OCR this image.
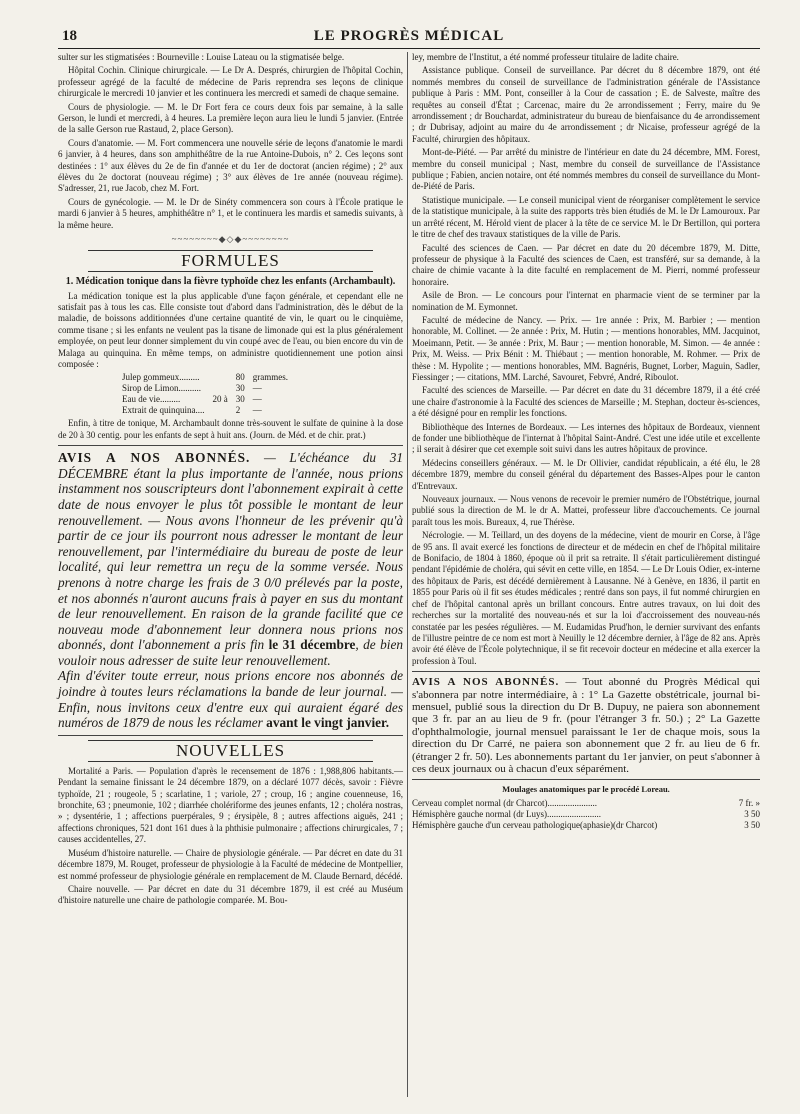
18	LE PROGRÈS MÉDICAL

sulter sur les stigmatisées : Bourneville : Louise Lateau ou la stigmatisée belge.

Hôpital Cochin. Clinique chirurgicale. — Le Dr A. Després, chirurgien de l'hôpital Cochin, professeur agrégé de la faculté de médecine de Paris reprendra ses leçons de clinique chirurgicale le mercredi 10 janvier et les continuera les mercredi et samedi de chaque semaine.

Cours de physiologie. — M. le Dr Fort fera ce cours deux fois par semaine, à la salle Gerson, le lundi et mercredi, à 4 heures. La première leçon aura lieu le lundi 5 janvier. (Entrée de la salle Gerson rue Rastaud, 2, place Gerson).

Cours d'anatomie. — M. Fort commencera une nouvelle série de leçons d'anatomie le mardi 6 janvier, à 4 heures, dans son amphithéâtre de la rue Antoine-Dubois, n° 2. Ces leçons sont destinées : 1° aux élèves du 2e de fin d'année et du 1er de doctorat (ancien régime) ; 2° aux élèves du 2e doctorat (nouveau régime) ; 3° aux élèves de 1re année (nouveau régime). S'adresser, 21, rue Jacob, chez M. Fort.

Cours de gynécologie. — M. le Dr de Sinéty commencera son cours à l'École pratique le mardi 6 janvier à 5 heures, amphithéâtre n° 1, et le continuera les mardis et samedis suivants, à la même heure.

~~~~~~~~◆◇◆~~~~~~~~
FORMULES
1. Médication tonique dans la fièvre typhoïde chez les enfants (Archambault).

La médication tonique est la plus applicable d'une façon générale, et cependant elle ne satisfait pas à tous les cas. Elle consiste tout d'abord dans l'administration, dès le début de la maladie, de boissons additionnées d'une certaine quantité de vin, le quart ou le cinquième, comme tisane ; si les enfants ne veulent pas la tisane de limonade qui est la plus généralement employée, on peut leur donner simplement du vin coupé avec de l'eau, ou bien encore du vin de Malaga au quinquina. En même temps, on administre quotidiennement une potion ainsi composée :

Julep gommeux.........		80	grammes.
Sirop de Limon..........		30	—
Eau de vie.........	20 à	30	—
Extrait de quinquina....		2	—

Enfin, à titre de tonique, M. Archambault donne très-souvent le sulfate de quinine à la dose de 20 à 30 centig. pour les enfants de sept à huit ans. (Journ. de Méd. et de chir. prat.)

AVIS A NOS ABONNÉS. — L'échéance du 31 DÉCEMBRE étant la plus importante de l'année, nous prions instamment nos souscripteurs dont l'abonnement expirait à cette date de nous envoyer le plus tôt possible le montant de leur renouvellement. — Nous avons l'honneur de les prévenir qu'à partir de ce jour ils pourront nous adresser le montant de leur renouvellement, par l'intermédiaire du bureau de poste de leur localité, qui leur remettra un reçu de la somme versée. Nous prenons à notre charge les frais de 3 0/0 prélevés par la poste, et nos abonnés n'auront aucuns frais à payer en sus du montant de leur renouvellement. En raison de la grande facilité que ce nouveau mode d'abonnement leur donnera nous prions nos abonnés, dont l'abonnement a pris fin le 31 décembre, de bien vouloir nous adresser de suite leur renouvellement.
Afin d'éviter toute erreur, nous prions encore nos abonnés de joindre à toutes leurs réclamations la bande de leur journal. — Enfin, nous invitons ceux d'entre eux qui auraient égaré des numéros de 1879 de nous les réclamer avant le vingt janvier.
NOUVELLES

Mortalité a Paris. — Population d'après le recensement de 1876 : 1,988,806 habitants.— Pendant la semaine finissant le 24 décembre 1879, on a déclaré 1077 décès, savoir : Fièvre typhoïde, 21 ; rougeole, 5 ; scarlatine, 1 ; variole, 27 ; croup, 16 ; angine couenneuse, 16, bronchite, 63 ; pneumonie, 102 ; diarrhée cholériforme des jeunes enfants, 12 ; choléra nostras, » ; dysentérie, 1 ; affections puerpérales, 9 ; érysipèle, 8 ; autres affections aiguës, 241 ; affections chroniques, 521 dont 161 dues à la phthisie pulmonaire ; affections chirurgicales, 7 ; causes accidentelles, 27.

Muséum d'histoire naturelle. — Chaire de physiologie générale. — Par décret en date du 31 décembre 1879, M. Rouget, professeur de physiologie à la Faculté de médecine de Montpellier, est nommé professeur de physiologie générale en remplacement de M. Claude Bernard, décédé.

Chaire nouvelle. — Par décret en date du 31 décembre 1879, il est créé au Muséum d'histoire naturelle une chaire de pathologie comparée. M. Bou-

ley, membre de l'Institut, a été nommé professeur titulaire de ladite chaire.

Assistance publique. Conseil de surveillance. Par décret du 8 décembre 1879, ont été nommés membres du conseil de surveillance de l'administration générale de l'Assistance publique à Paris : MM. Pont, conseiller à la Cour de cassation ; E. de Salveste, maître des requêtes au conseil d'État ; Carcenac, maire du 2e arrondissement ; Ferry, maire du 9e arrondissement ; dr Bouchardat, administrateur du bureau de bienfaisance du 4e arrondissement ; dr Dubrisay, adjoint au maire du 4e arrondissement ; dr Nicaise, professeur agrégé de la Faculté, chirurgien des hôpitaux.

Mont-de-Piété. — Par arrêté du ministre de l'intérieur en date du 24 décembre, MM. Forest, membre du conseil municipal ; Nast, membre du conseil de surveillance de l'Assistance publique ; Fabien, ancien notaire, ont été nommés membres du conseil de surveillance du Mont-de-Piété de Paris.

Statistique municipale. — Le conseil municipal vient de réorganiser complètement le service de la statistique municipale, à la suite des rapports très bien étudiés de M. le Dr Lamouroux. Par un arrêté récent, M. Hérold vient de placer à la tête de ce service M. le Dr Bertillon, qui portera le titre de chef des travaux statistiques de la ville de Paris.

Faculté des sciences de Caen. — Par décret en date du 20 décembre 1879, M. Ditte, professeur de physique à la Faculté des sciences de Caen, est transféré, sur sa demande, à la chaire de chimie vacante à la dite faculté en remplacement de M. Pierri, nommé professeur honoraire.

Asile de Bron. — Le concours pour l'internat en pharmacie vient de se terminer par la nomination de M. Eymonnet.

Faculté de médecine de Nancy. — Prix. — 1re année : Prix, M. Barbier ; — mention honorable, M. Collinet. — 2e année : Prix, M. Hutin ; — mentions honorables, MM. Jacquinot, Moeimann, Petit. — 3e année : Prix, M. Baur ; — mention honorable, M. Simon. — 4e année : Prix, M. Weiss. — Prix Bénit : M. Thiébaut ; — mention honorable, M. Rohmer. — Prix de thèse : M. Hypolite ; — mentions honorables, MM. Bagnéris, Bugnet, Lorber, Maguin, Sadler, Fiessinger ; — citations, MM. Larché, Savouret, Febvré, André, Riboulot.

Faculté des sciences de Marseille. — Par décret en date du 31 décembre 1879, il a été créé une chaire d'astronomie à la Faculté des sciences de Marseille ; M. Stephan, docteur ès-sciences, a été désigné pour en remplir les fonctions.

Bibliothèque des Internes de Bordeaux. — Les internes des hôpitaux de Bordeaux, viennent de fonder une bibliothèque de l'internat à l'hôpital Saint-André. C'est une idée utile et excellente ; il serait à désirer que cet exemple soit suivi dans les autres hôpitaux de province.

Médecins conseillers généraux. — M. le Dr Ollivier, candidat républicain, a été élu, le 28 décembre 1879, membre du conseil général du département des Basses-Alpes pour le canton d'Entrevaux.

Nouveaux journaux. — Nous venons de recevoir le premier numéro de l'Obstétrique, journal publié sous la direction de M. le dr A. Mattei, professeur libre d'accouchements. Ce journal paraît tous les mois. Bureaux, 4, rue Thérèse.

Nécrologie. — M. Teillard, un des doyens de la médecine, vient de mourir en Corse, à l'âge de 95 ans. Il avait exercé les fonctions de directeur et de médecin en chef de l'hôpital militaire de Bonifacio, de 1804 à 1860, époque où il prit sa retraite. Il s'était particulièrement distingué pendant l'épidémie de choléra, qui sévit en cette ville, en 1854. — Le Dr Louis Odier, ex-interne des hôpitaux de Paris, est décédé dernièrement à Lausanne. Né à Genève, en 1836, il partit en 1855 pour Paris où il fit ses études médicales ; rentré dans son pays, il fut nommé chirurgien en chef de l'hôpital cantonal après un brillant concours. Entre autres travaux, on lui doit des recherches sur la mortalité des nouveau-nés et sur la loi d'accroissement des nouveau-nés constatée par les pesées régulières. — M. Eudamidas Prud'hon, le dernier survivant des enfants de l'illustre peintre de ce nom est mort à Neuilly le 12 décembre dernier, à l'âge de 82 ans. Après avoir été élève de l'École polytechnique, il se fit recevoir docteur en médecine et alla exercer la profession à Toul.

AVIS A NOS ABONNÉS. — Tout abonné du Progrès Médical qui s'abonnera par notre intermédiaire, à : 1° La Gazette obstétricale, journal bi-mensuel, publié sous la direction du Dr B. Dupuy, ne paiera son abonnement que 3 fr. par an au lieu de 9 fr. (pour l'étranger 3 fr. 50.) ; 2° La Gazette d'ophthalmologie, journal mensuel paraissant le 1er de chaque mois, sous la direction du Dr Carré, ne paiera son abonnement que 2 fr. au lieu de 6 fr. (étranger 2 fr. 50). Les abonnements partant du 1er janvier, on peut s'abonner à ces deux journaux ou à chacun d'eux séparément.
Moulages anatomiques par le procédé Loreau.
Cerveau complet normal (dr Charcot)......................	7 fr. »
Hémisphère gauche normal (dr Luys)........................	3 50
Hémisphère gauche d'un cerveau pathologique(aphasie)(dr Charcot)	3 50
